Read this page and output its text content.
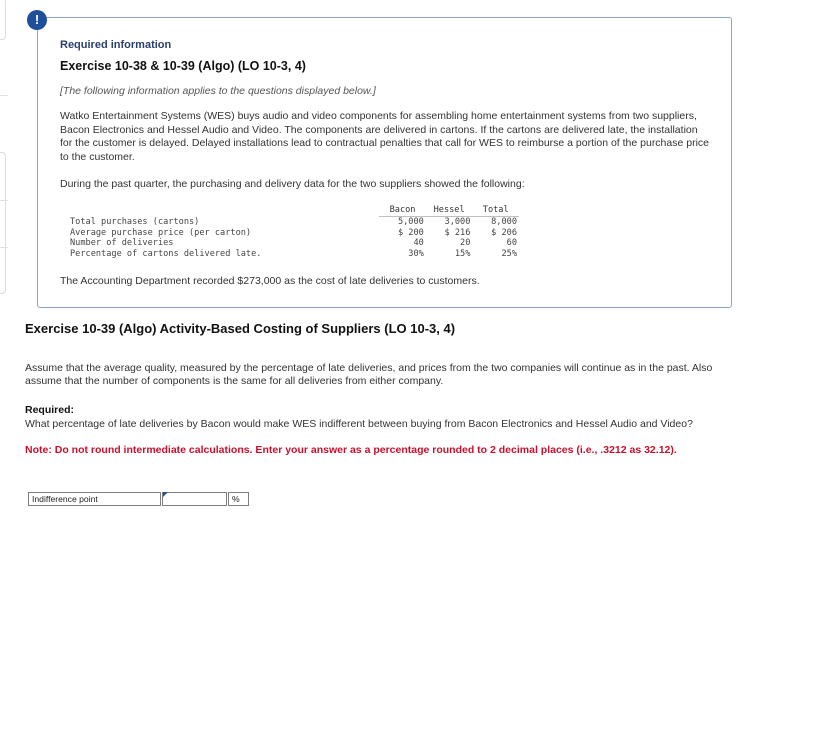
Required information
Exercise 10-38 & 10-39 (Algo) (LO 10-3, 4)
[The following information applies to the questions displayed below.]
Watko Entertainment Systems (WES) buys audio and video components for assembling home entertainment systems from two suppliers, Bacon Electronics and Hessel Audio and Video. The components are delivered in cartons. If the cartons are delivered late, the installation for the customer is delayed. Delayed installations lead to contractual penalties that call for WES to reimburse a portion of the purchase price to the customer.
During the past quarter, the purchasing and delivery data for the two suppliers showed the following:
	Bacon	Hessel	Total
Total purchases (cartons)	5,000	3,000	8,000
Average purchase price (per carton)	$ 200	$ 216	$ 206
Number of deliveries	40	20	60
Percentage of cartons delivered late.	30%	15%	25%
The Accounting Department recorded $273,000 as the cost of late deliveries to customers.
!
Exercise 10-39 (Algo) Activity-Based Costing of Suppliers (LO 10-3, 4)
Assume that the average quality, measured by the percentage of late deliveries, and prices from the two companies will continue as in the past. Also assume that the number of components is the same for all deliveries from either company.
Required:
What percentage of late deliveries by Bacon would make WES indifferent between buying from Bacon Electronics and Hessel Audio and Video?
Note: Do not round intermediate calculations. Enter your answer as a percentage rounded to 2 decimal places (i.e., .3212 as 32.12).
Indifference point	%
